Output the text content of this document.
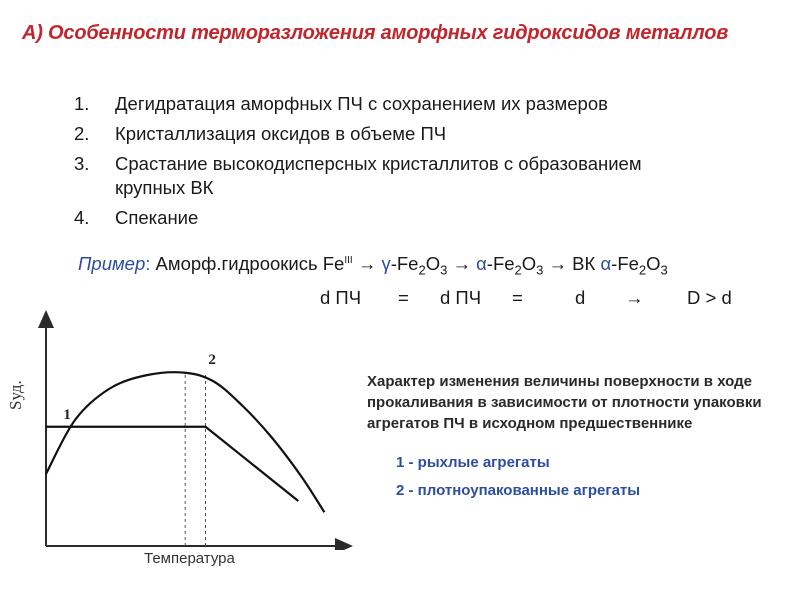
А) Особенности терморазложения аморфных гидроксидов металлов
1. Дегидратация аморфных ПЧ с сохранением их размеров
2. Кристаллизация оксидов в объеме ПЧ
3. Срастание высокодисперсных кристаллитов с образованием крупных ВК
4. Спекание
Пример: Аморф.гидроокись $Fe^{III} \to \gamma-Fe_2O_3 \to \alpha-Fe_2O_3$ → ВК $\alpha-Fe_2O_3$
d ПЧ = d ПЧ =	d → D > d
1
2
Sуд.
Температура
Характер изменения величины поверхности в ходе прокаливания в зависимости от плотности упаковки агрегатов ПЧ в исходном предшественнике
1 - рыхлые агрегаты
2 - плотноупакованные агрегаты
